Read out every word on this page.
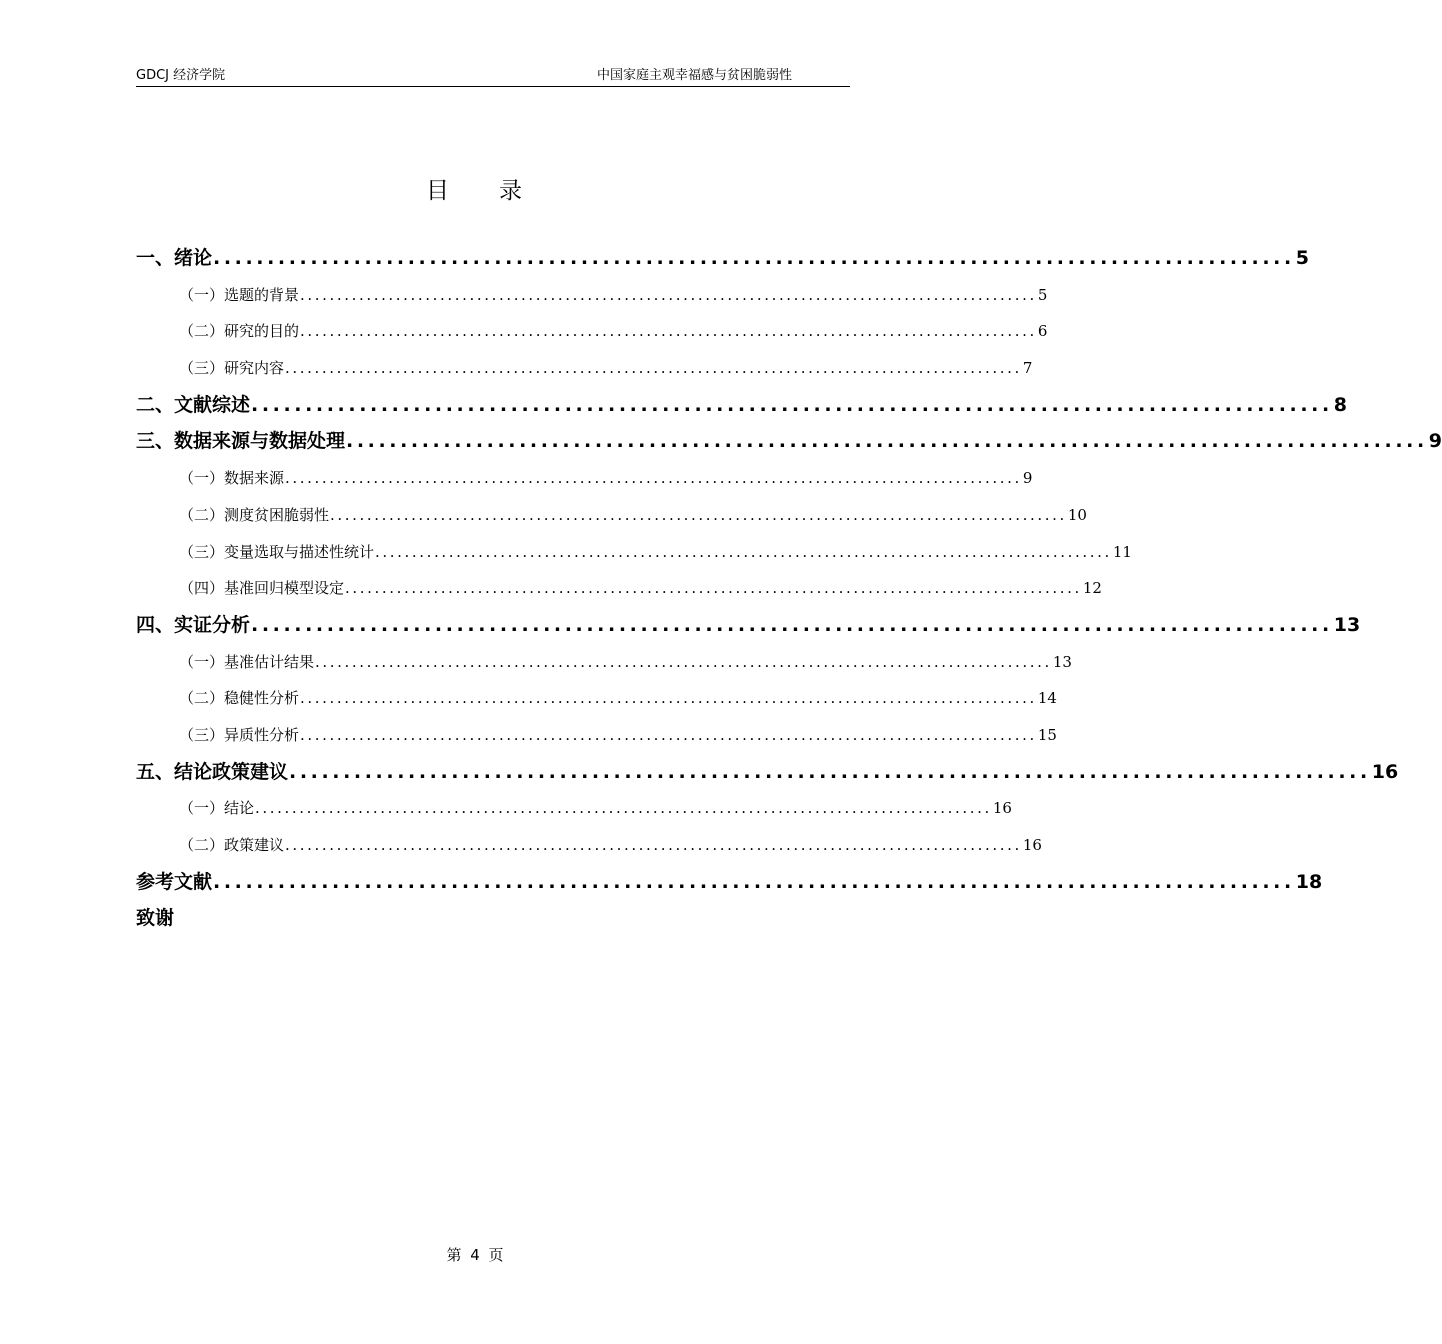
GDCJ 经济学院	中国家庭主观幸福感与贫困脆弱性
目录
一、绪论 .................................................................................................... 5
（一）选题的背景 .................................................................................................... 5
（二）研究的目的 .................................................................................................... 6
（三）研究内容 .................................................................................................... 7
二、文献综述 .................................................................................................... 8
三、数据来源与数据处理 .................................................................................................... 9
（一）数据来源 .................................................................................................... 9
（二）测度贫困脆弱性 .................................................................................................... 10
（三）变量选取与描述性统计 .................................................................................................... 11
（四）基准回归模型设定 .................................................................................................... 12
四、实证分析 .................................................................................................... 13
（一）基准估计结果 .................................................................................................... 13
（二）稳健性分析 .................................................................................................... 14
（三）异质性分析 .................................................................................................... 15
五、结论政策建议 .................................................................................................... 16
（一）结论 .................................................................................................... 16
（二）政策建议 .................................................................................................... 16
参考文献 .................................................................................................... 18
致谢
第 4 页
